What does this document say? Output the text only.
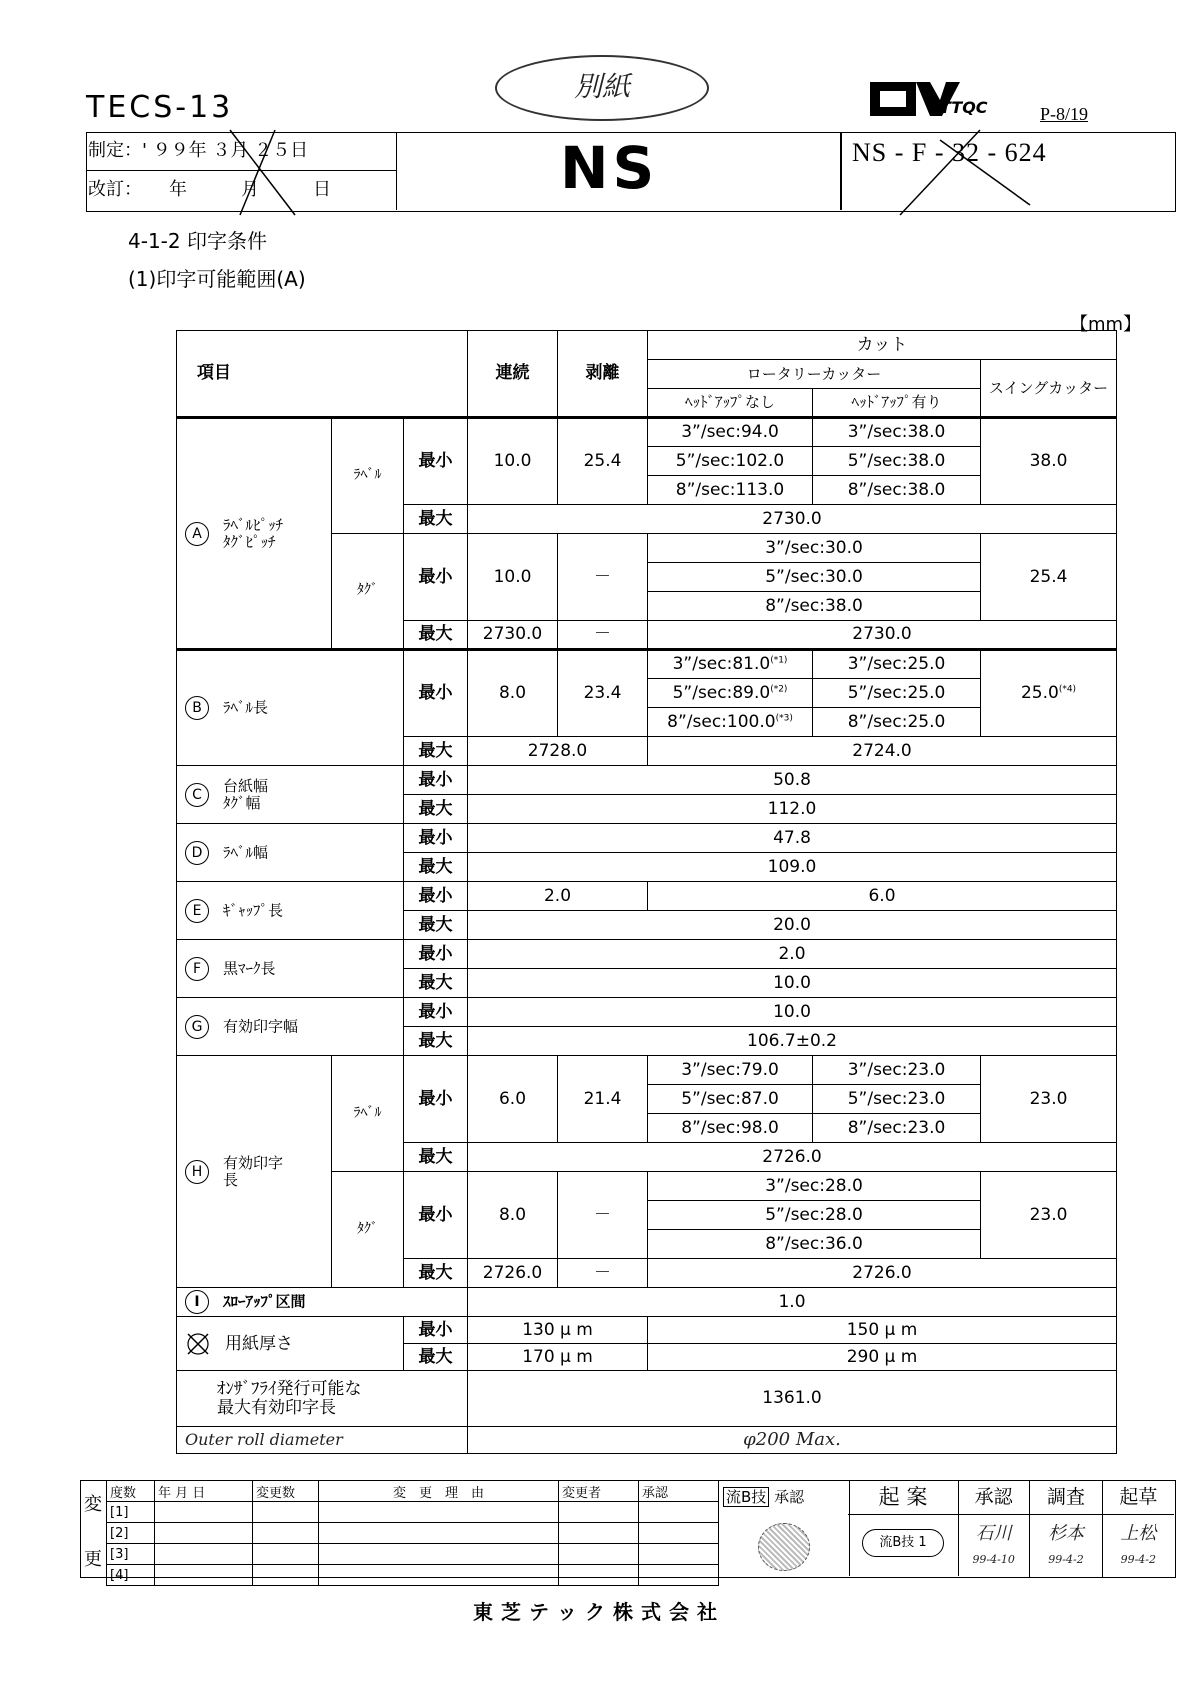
TECS-13
別紙
TTQC	P-8/19
制定：' ９９年 ３月 ２５日
改訂：　　年　　　月　　　日	NS	NS - F - 32 - 624
4-1-2 印字条件
(1)印字可能範囲(A)
【mm】
項目			連続	剥離	カット		
					ロータリーカッター		スイングカッター
					ﾍｯﾄﾞｱｯﾌﾟなし	ﾍｯﾄﾞｱｯﾌﾟ有り	
A ﾗﾍﾞﾙﾋﾟｯﾁ
ﾀｸﾞﾋﾟｯﾁ	ﾗﾍﾞﾙ	最小	10.0	25.4	3”/sec:94.0	3”/sec:38.0	38.0
					5”/sec:102.0	5”/sec:38.0	
					8”/sec:113.0	8”/sec:38.0	
		最大	2730.0				
	ﾀｸﾞ	最小	10.0	－	3”/sec:30.0		25.4
					5”/sec:30.0		
					8”/sec:38.0		
		最大	2730.0	－	2730.0		
B ﾗﾍﾞﾙ長		最小	8.0	23.4	$3”/\sec:81.0^{(*1)}$	3”/sec:25.0	$25.0^{(*4)}$
					$5”/\sec:89.0^{(*2)}$	5”/sec:25.0	
					$8”/\sec:100.0^{(*3)}$	8”/sec:25.0	
		最大	2728.0		2724.0		
C 台紙幅
ﾀｸﾞ幅		最小	50.8				
		最大	112.0				
D ﾗﾍﾞﾙ幅		最小	47.8				
		最大	109.0				
E ｷﾞｬｯﾌﾟ長		最小	2.0		6.0		
		最大	20.0				
F 黒ﾏｰｸ長		最小	2.0				
		最大	10.0				
G 有効印字幅		最小	10.0				
		最大	106.7±0.2				
H 有効印字
長	ﾗﾍﾞﾙ	最小	6.0	21.4	3”/sec:79.0	3”/sec:23.0	23.0
					5”/sec:87.0	5”/sec:23.0	
					8”/sec:98.0	8”/sec:23.0	
		最大	2726.0				
	ﾀｸﾞ	最小	8.0	－	3”/sec:28.0		23.0
					5”/sec:28.0		
					8”/sec:36.0		
		最大	2726.0	－	2726.0		
I ｽﾛｰｱｯﾌﾟ区間			1.0				
用紙厚さ		最小	130 μ m		150 μ m		
		最大	170 μ m		290 μ m		
ｵﾝｻﾞﾌﾗｲ発行可能な
最大有効印字長			1361.0				
Outer roll diameter			φ200 Max.				
変
更
度数	年 月 日	変更数	変　更　理　由	変更者	承認
[1]					
[2]					
[3]					
[4]					
流B技 承認	起 案
流B技 1
承認	調査	起草
石川
99-4-10
杉本
99-4-2
上松
99-4-2
東芝テック株式会社
